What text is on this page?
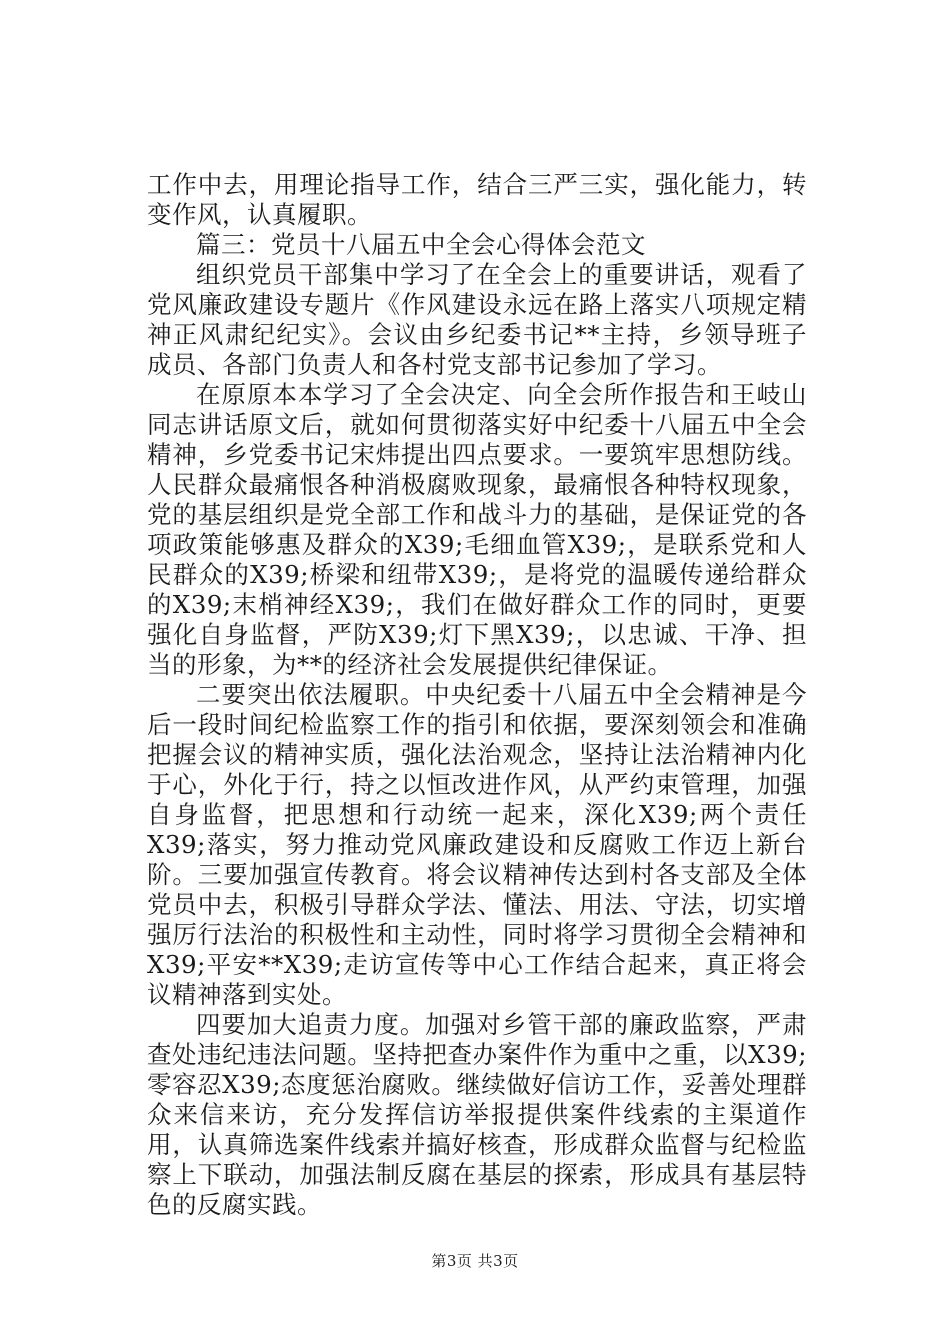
工作中去，用理论指导工作，结合三严三实，强化能力，转变作风，认真履职。

篇三：党员十八届五中全会心得体会范文

组织党员干部集中学习了在全会上的重要讲话，观看了党风廉政建设专题片《作风建设永远在路上落实八项规定精神正风肃纪纪实》。会议由乡纪委书记**主持，乡领导班子成员、各部门负责人和各村党支部书记参加了学习。

在原原本本学习了全会决定、向全会所作报告和王岐山同志讲话原文后，就如何贯彻落实好中纪委十八届五中全会精神，乡党委书记宋炜提出四点要求。一要筑牢思想防线。人民群众最痛恨各种消极腐败现象，最痛恨各种特权现象，党的基层组织是党全部工作和战斗力的基础，是保证党的各项政策能够惠及群众的X39;毛细血管X39;，是联系党和人民群众的X39;桥梁和纽带X39;，是将党的温暖传递给群众的X39;末梢神经X39;，我们在做好群众工作的同时，更要强化自身监督，严防X39;灯下黑X39;，以忠诚、干净、担当的形象，为**的经济社会发展提供纪律保证。

二要突出依法履职。中央纪委十八届五中全会精神是今后一段时间纪检监察工作的指引和依据，要深刻领会和准确把握会议的精神实质，强化法治观念，坚持让法治精神内化于心，外化于行，持之以恒改进作风，从严约束管理，加强自身监督，把思想和行动统一起来，深化X39;两个责任X39;落实，努力推动党风廉政建设和反腐败工作迈上新台阶。三要加强宣传教育。将会议精神传达到村各支部及全体党员中去，积极引导群众学法、懂法、用法、守法，切实增强厉行法治的积极性和主动性，同时将学习贯彻全会精神和X39;平安**X39;走访宣传等中心工作结合起来，真正将会议精神落到实处。

四要加大追责力度。加强对乡管干部的廉政监察，严肃查处违纪违法问题。坚持把查办案件作为重中之重，以X39;零容忍X39;态度惩治腐败。继续做好信访工作，妥善处理群众来信来访，充分发挥信访举报提供案件线索的主渠道作用，认真筛选案件线索并搞好核查，形成群众监督与纪检监察上下联动，加强法制反腐在基层的探索，形成具有基层特色的反腐实践。

第3页 共3页
